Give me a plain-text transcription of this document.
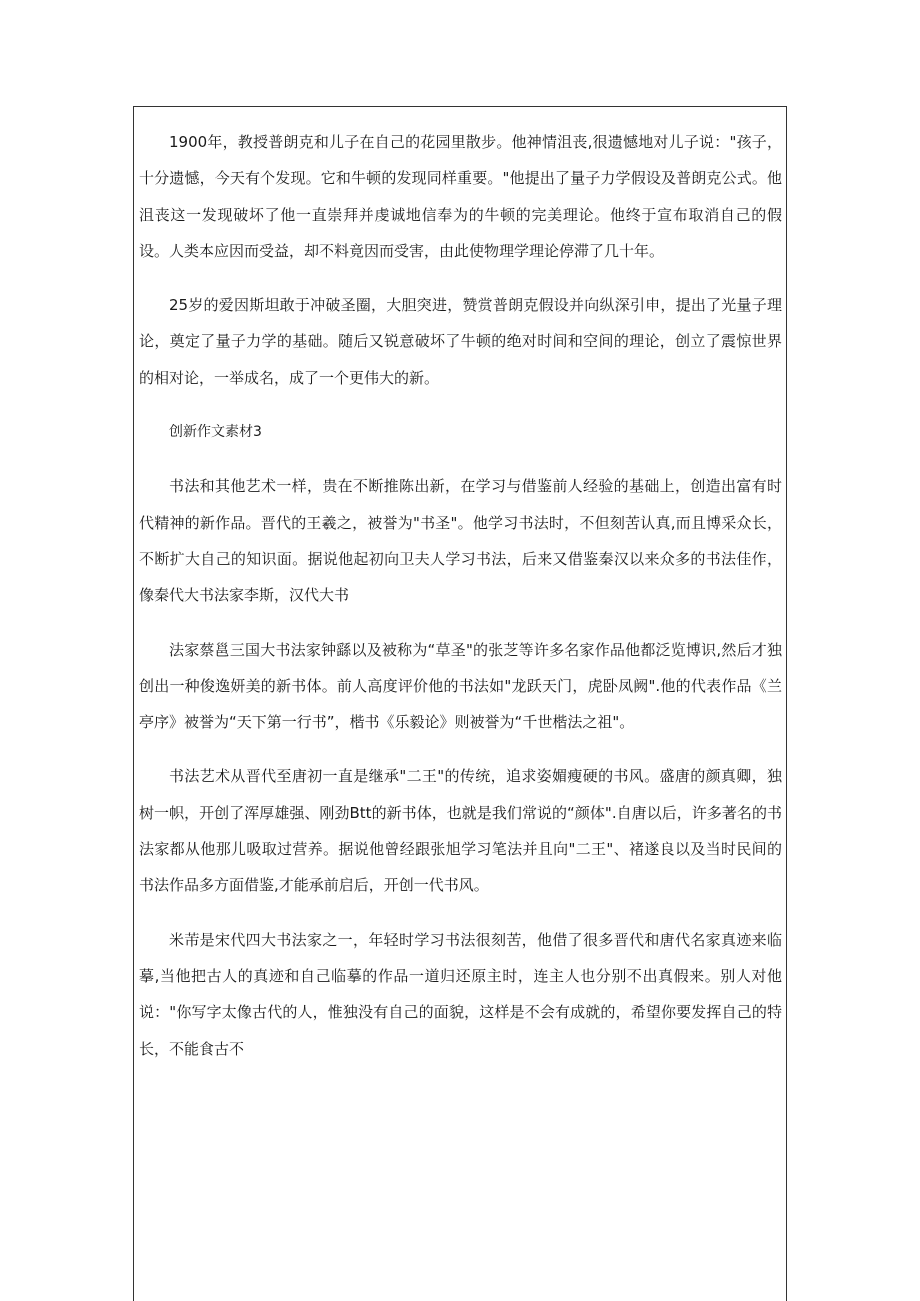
1900年，教授普朗克和儿子在自己的花园里散步。他神情沮丧,很遗憾地对儿子说："孩子，十分遗憾，今天有个发现。它和牛顿的发现同样重要。"他提出了量子力学假设及普朗克公式。他沮丧这一发现破坏了他一直崇拜并虔诚地信奉为的牛顿的完美理论。他终于宣布取消自己的假设。人类本应因而受益，却不料竟因而受害，由此使物理学理论停滞了几十年。

25岁的爱因斯坦敢于冲破圣圈，大胆突进，赞赏普朗克假设并向纵深引申，提出了光量子理论，奠定了量子力学的基础。随后又锐意破坏了牛顿的绝对时间和空间的理论，创立了震惊世界的相对论，一举成名，成了一个更伟大的新。

创新作文素材3

书法和其他艺术一样，贵在不断推陈出新，在学习与借鉴前人经验的基础上，创造出富有时代精神的新作品。晋代的王羲之，被誉为"书圣"。他学习书法时，不但刻苦认真,而且博采众长，不断扩大自己的知识面。据说他起初向卫夫人学习书法，后来又借鉴秦汉以来众多的书法佳作，像秦代大书法家李斯，汉代大书

法家蔡邕三国大书法家钟繇以及被称为“草圣"的张芝等许多名家作品他都泛览博识,然后才独创出一种俊逸妍美的新书体。前人高度评价他的书法如"龙跃天门，虎卧凤阙".他的代表作品《兰亭序》被誉为“天下第一行书”，楷书《乐毅论》则被誉为“千世楷法之祖"。

书法艺术从晋代至唐初一直是继承"二王"的传统，追求姿媚瘦硬的书风。盛唐的颜真卿，独树一帜，开创了浑厚雄强、刚劲Btt的新书体，也就是我们常说的“颜体".自唐以后，许多著名的书法家都从他那儿吸取过营养。据说他曾经跟张旭学习笔法并且向"二王"、褚遂良以及当时民间的书法作品多方面借鉴,才能承前启后，开创一代书风。

米芾是宋代四大书法家之一，年轻时学习书法很刻苦，他借了很多晋代和唐代名家真迹来临摹,当他把古人的真迹和自己临摹的作品一道归还原主时，连主人也分别不出真假来。别人对他说："你写字太像古代的人，惟独没有自己的面貌，这样是不会有成就的，希望你要发挥自己的特长，不能食古不
